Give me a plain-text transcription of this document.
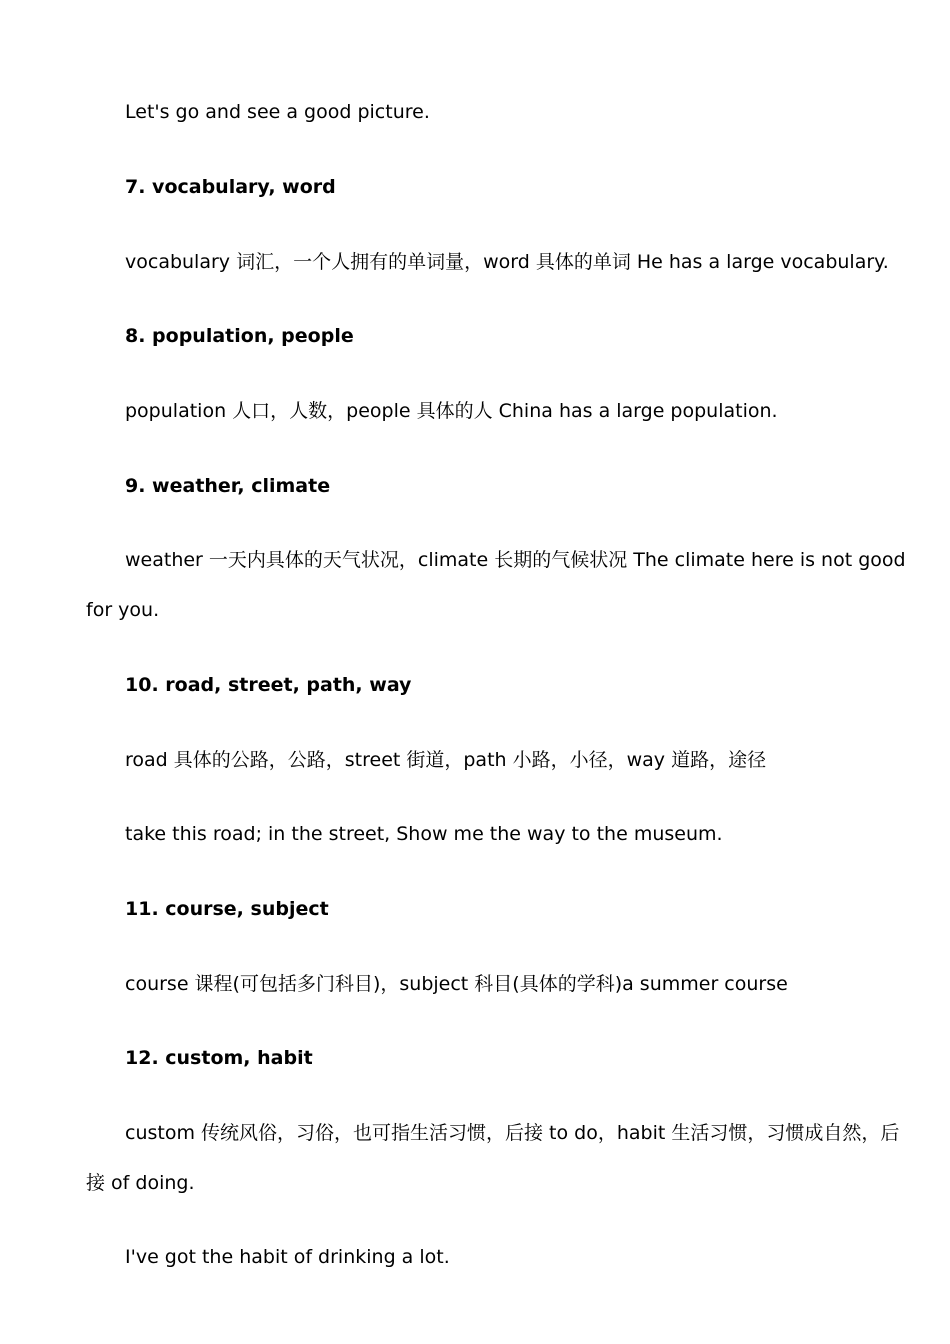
Let's go and see a good picture.
7. vocabulary, word
vocabulary 词汇，一个人拥有的单词量，word 具体的单词 He has a large vocabulary.
8. population, people
population 人口，人数，people 具体的人 China has a large population.
9. weather, climate
weather 一天内具体的天气状况，climate 长期的气候状况 The climate here is not good for you.
10. road, street, path, way
road 具体的公路，公路，street 街道，path 小路，小径，way 道路，途径
take this road; in the street, Show me the way to the museum.
11. course, subject
course 课程(可包括多门科目)，subject 科目(具体的学科)a summer course
12. custom, habit
custom 传统风俗，习俗，也可指生活习惯，后接 to do，habit 生活习惯，习惯成自然，后接 of doing.
I've got the habit of drinking a lot.
